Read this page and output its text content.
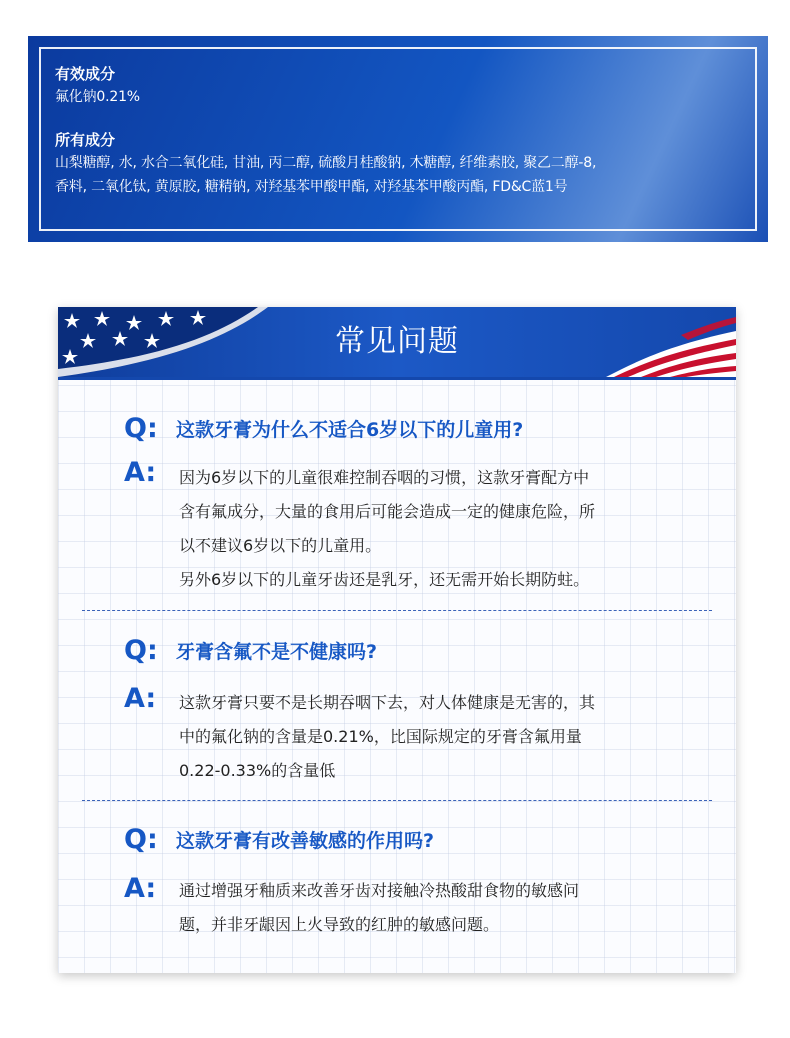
有效成分
氟化钠0.21%
所有成分
山梨糖醇, 水, 水合二氧化硅, 甘油, 丙二醇, 硫酸月桂酸钠, 木糖醇, 纤维素胶, 聚乙二醇-8,
香料, 二氧化钛, 黄原胶, 糖精钠, 对羟基苯甲酸甲酯, 对羟基苯甲酸丙酯, FD&C蓝1号
常见问题
Q: 这款牙膏为什么不适合6岁以下的儿童用?
A:	因为6岁以下的儿童很难控制吞咽的习惯，这款牙膏配方中
含有氟成分，大量的食用后可能会造成一定的健康危险，所
以不建议6岁以下的儿童用。
另外6岁以下的儿童牙齿还是乳牙，还无需开始长期防蛀。
Q: 牙膏含氟不是不健康吗?
A:	这款牙膏只要不是长期吞咽下去，对人体健康是无害的，其
中的氟化钠的含量是0.21%，比国际规定的牙膏含氟用量
0.22-0.33%的含量低
Q: 这款牙膏有改善敏感的作用吗?
A:	通过增强牙釉质来改善牙齿对接触冷热酸甜食物的敏感问
题，并非牙龈因上火导致的红肿的敏感问题。
